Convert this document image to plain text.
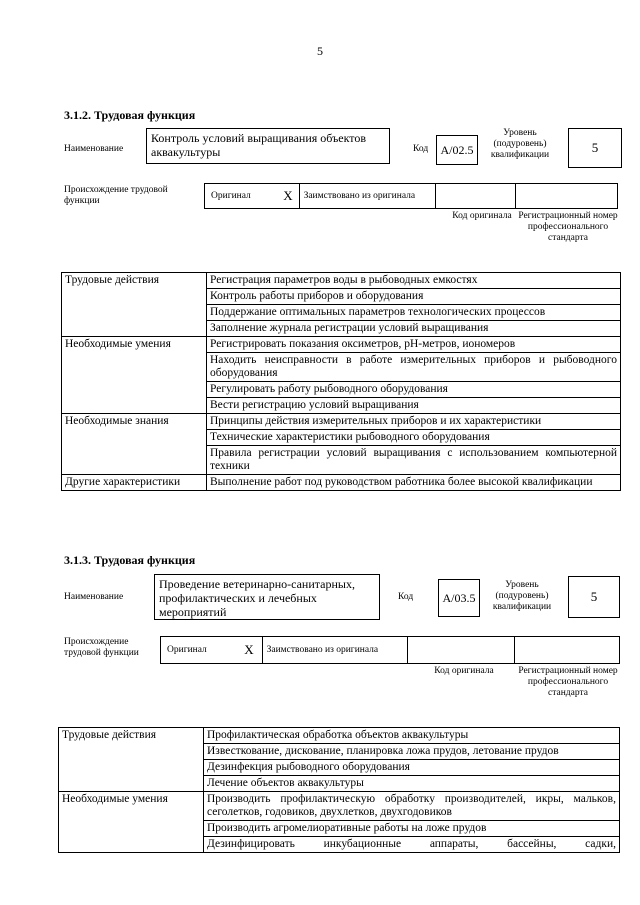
5
3.1.2. Трудовая функция
Наименование
Контроль условий выращивания объектов аквакультуры	Код A/02.5
Уровень (подуровень) квалификации	5
Происхождение трудовой функции	Оригинал X Заимствовано из оригинала
Код оригинала Регистрационный номер профессионального стандарта
Трудовые действия	Регистрация параметров воды в рыбоводных емкостях
	Контроль работы приборов и оборудования
	Поддержание оптимальных параметров технологических процессов
	Заполнение журнала регистрации условий выращивания
Необходимые умения	Регистрировать показания оксиметров, pH-метров, иономеров
	Находить неисправности в работе измерительных приборов и рыбоводного оборудования
	Регулировать работу рыбоводного оборудования
	Вести регистрацию условий выращивания
Необходимые знания	Принципы действия измерительных приборов и их характеристики
	Технические характеристики рыбоводного оборудования
	Правила регистрации условий выращивания с использованием компьютерной техники
Другие характеристики	Выполнение работ под руководством работника более высокой квалификации
3.1.3. Трудовая функция
Наименование
Проведение ветеринарно-санитарных, профилактических и лечебных мероприятий
Код A/03.5
Уровень (подуровень) квалификации
5
Происхождение трудовой функции	Оригинал	X Заимствовано из оригинала
Код оригинала	Регистрационный номер профессионального стандарта
Трудовые действия	Профилактическая обработка объектов аквакультуры
	Известкование, дискование, планировка ложа прудов, летование прудов
	Дезинфекция рыбоводного оборудования
	Лечение объектов аквакультуры
Необходимые умения	Производить профилактическую обработку производителей, икры, мальков, сеголетков, годовиков, двухлетков, двухгодовиков
	Производить агромелиоративные работы на ложе прудов
	Дезинфицировать инкубационные аппараты, бассейны, садки,
